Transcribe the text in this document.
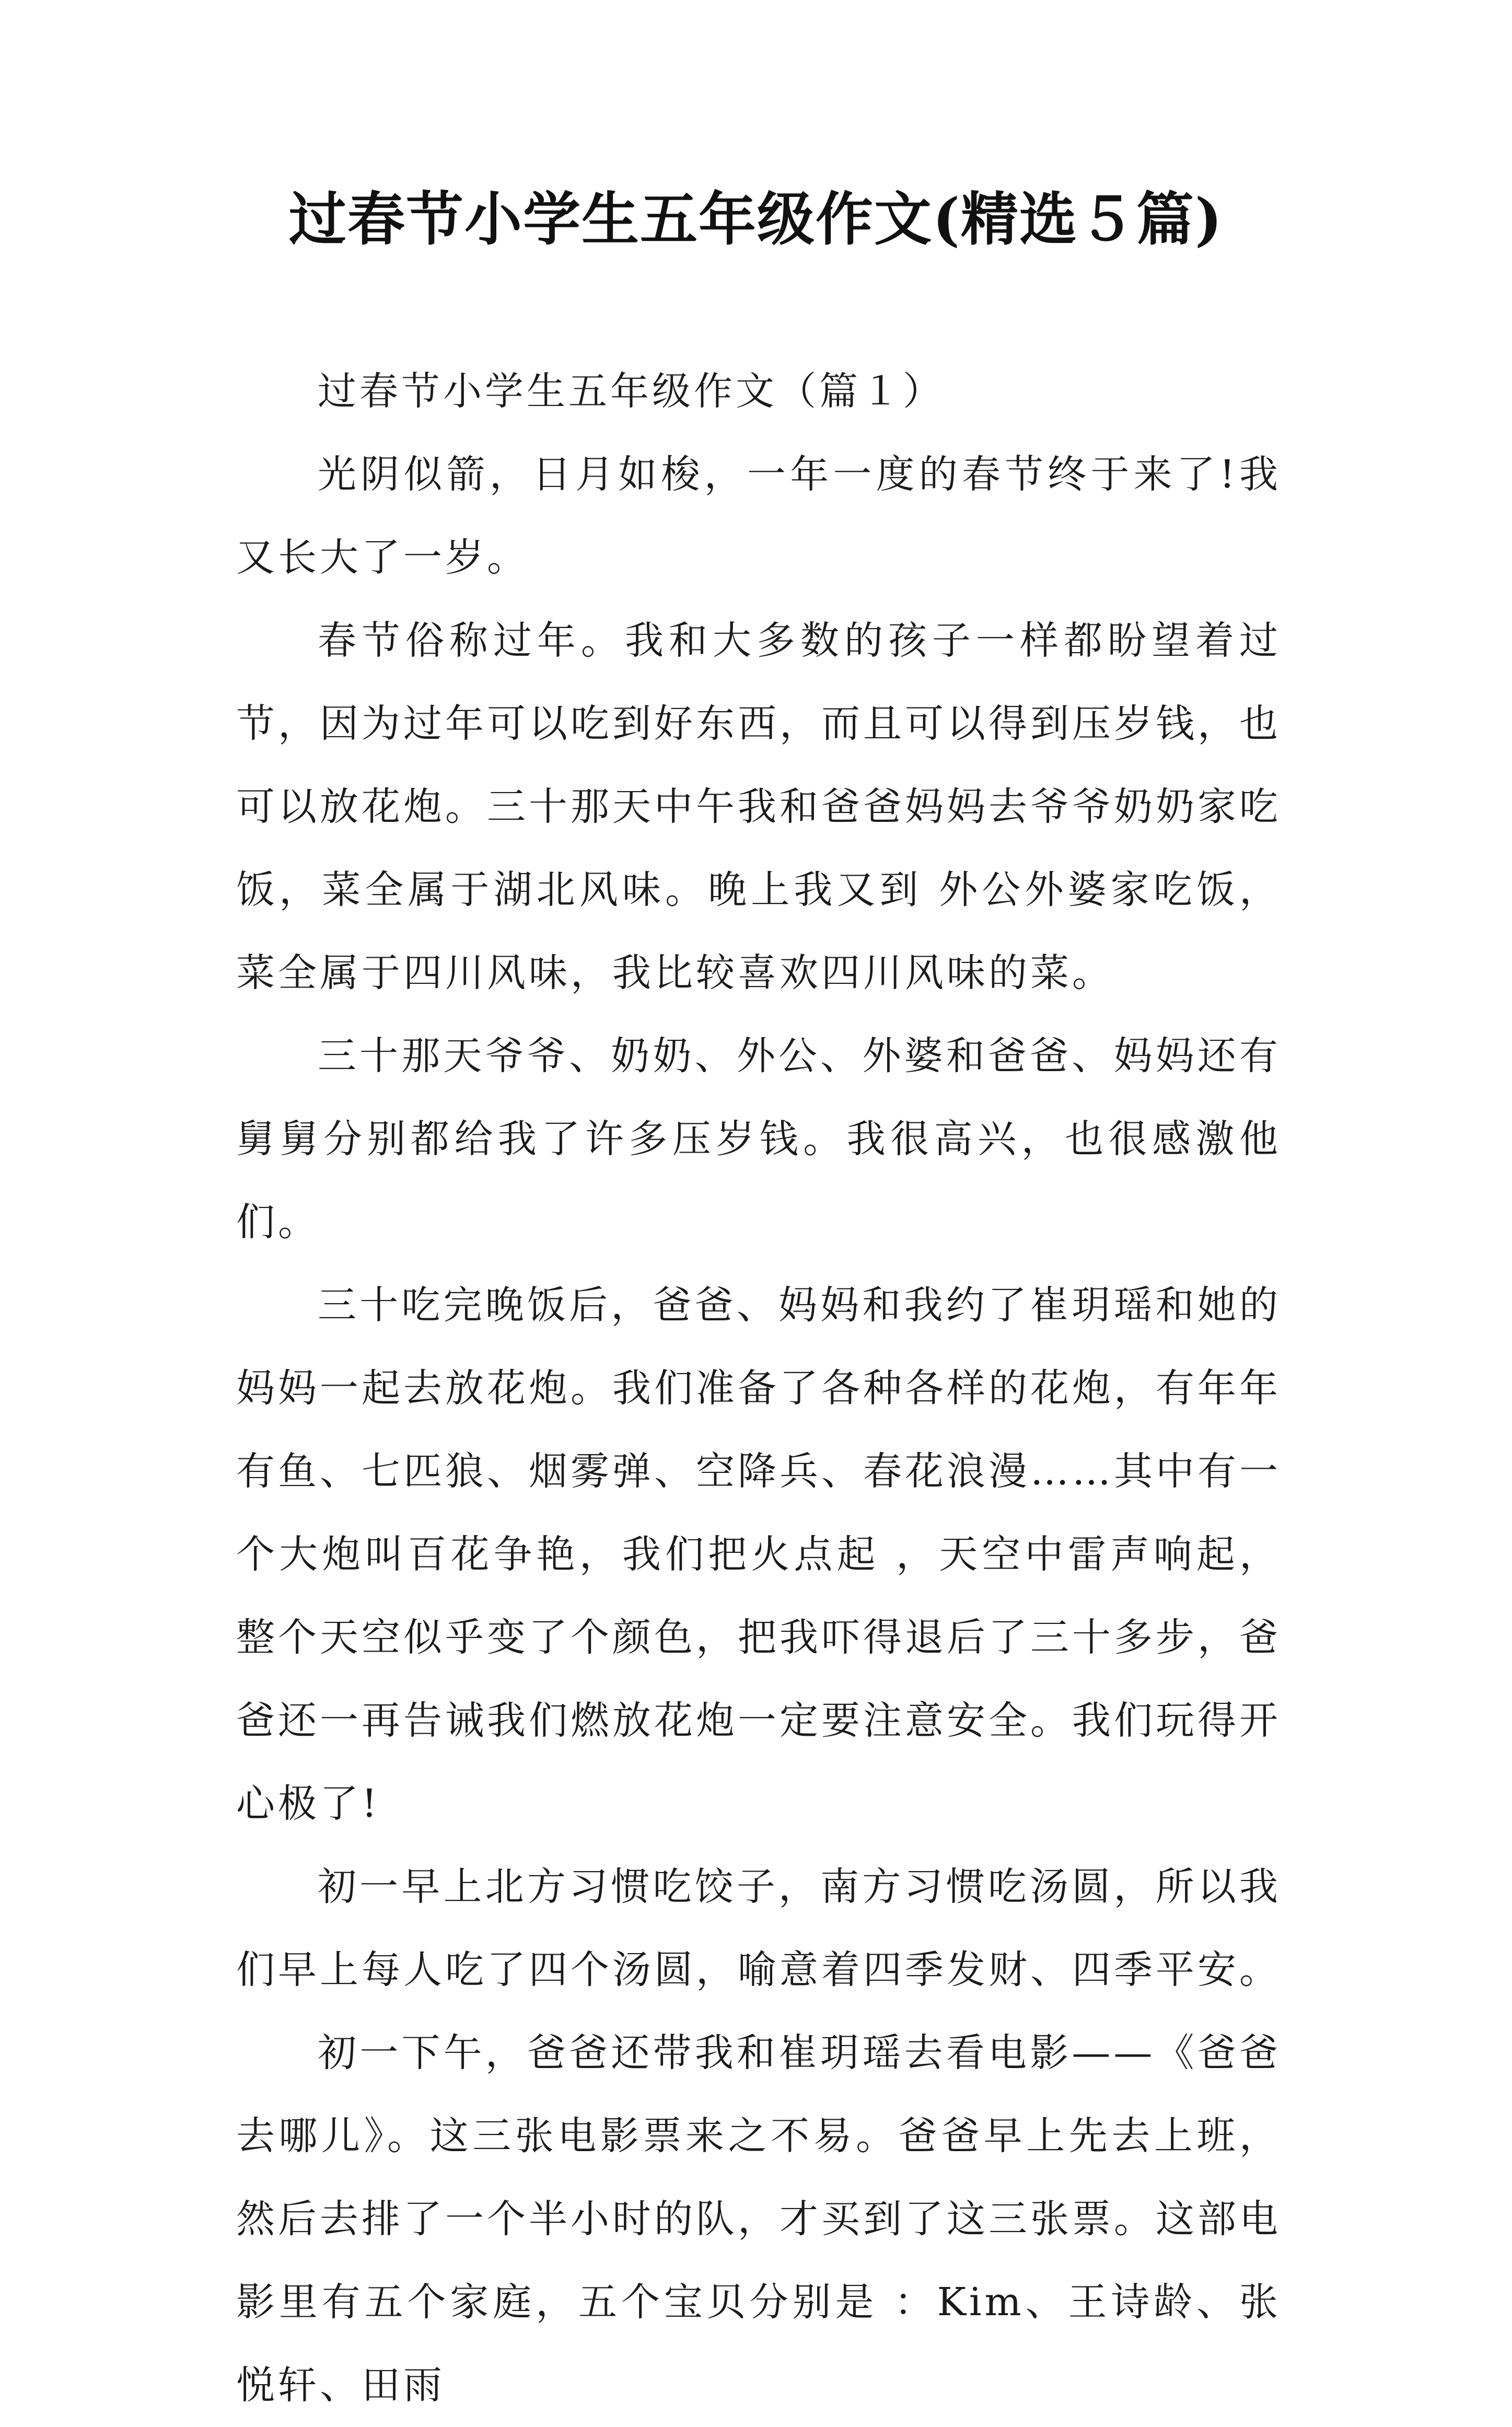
过春节小学生五年级作文(精选５篇)

过春节小学生五年级作文（篇１）

光阴似箭，日月如梭，一年一度的春节终于来了!我又长大了一岁。

春节俗称过年。我和大多数的孩子一样都盼望着过节，因为过年可以吃到好东西，而且可以得到压岁钱，也可以放花炮。三十那天中午我和爸爸妈妈去爷爷奶奶家吃饭，菜全属于湖北风味。晚上我又到 外公外婆家吃饭，菜全属于四川风味，我比较喜欢四川风味的菜。

三十那天爷爷、奶奶、外公、外婆和爸爸、妈妈还有舅舅分别都给我了许多压岁钱。我很高兴，也很感激他们。

三十吃完晚饭后，爸爸、妈妈和我约了崔玥瑶和她的妈妈一起去放花炮。我们准备了各种各样的花炮，有年年有鱼、七匹狼、烟雾弹、空降兵、春花浪漫……其中有一个大炮叫百花争艳，我们把火点起 ，天空中雷声响起，整个天空似乎变了个颜色，把我吓得退后了三十多步，爸爸还一再告诫我们燃放花炮一定要注意安全。我们玩得开心极了!

初一早上北方习惯吃饺子，南方习惯吃汤圆，所以我们早上每人吃了四个汤圆，喻意着四季发财、四季平安。

初一下午，爸爸还带我和崔玥瑶去看电影——《爸爸去哪儿》。这三张电影票来之不易。爸爸早上先去上班，然后去排了一个半小时的队，才买到了这三张票。这部电影里有五个家庭，五个宝贝分别是 ：Kim、王诗龄、张悦轩、田雨
